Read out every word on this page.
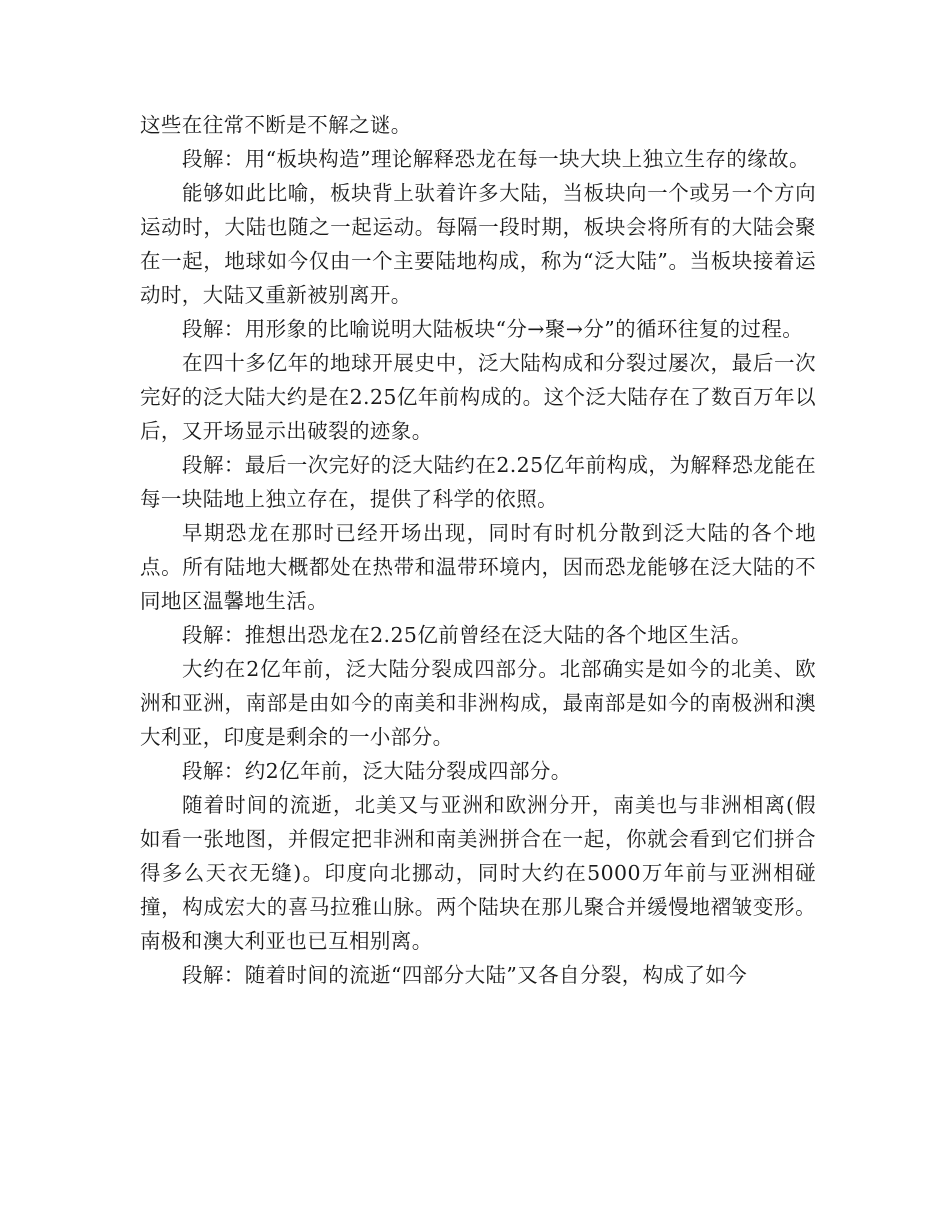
这些在往常不断是不解之谜。

段解：用“板块构造”理论解释恐龙在每一块大块上独立生存的缘故。

能够如此比喻，板块背上驮着许多大陆，当板块向一个或另一个方向运动时，大陆也随之一起运动。每隔一段时期，板块会将所有的大陆会聚在一起，地球如今仅由一个主要陆地构成，称为“泛大陆”。当板块接着运动时，大陆又重新被别离开。

段解：用形象的比喻说明大陆板块“分→聚→分”的循环往复的过程。

在四十多亿年的地球开展史中，泛大陆构成和分裂过屡次，最后一次完好的泛大陆大约是在2.25亿年前构成的。这个泛大陆存在了数百万年以后，又开场显示出破裂的迹象。

段解：最后一次完好的泛大陆约在2.25亿年前构成，为解释恐龙能在每一块陆地上独立存在，提供了科学的依照。

早期恐龙在那时已经开场出现，同时有时机分散到泛大陆的各个地点。所有陆地大概都处在热带和温带环境内，因而恐龙能够在泛大陆的不同地区温馨地生活。

段解：推想出恐龙在2.25亿前曾经在泛大陆的各个地区生活。

大约在2亿年前，泛大陆分裂成四部分。北部确实是如今的北美、欧洲和亚洲，南部是由如今的南美和非洲构成，最南部是如今的南极洲和澳大利亚，印度是剩余的一小部分。

段解：约2亿年前，泛大陆分裂成四部分。

随着时间的流逝，北美又与亚洲和欧洲分开，南美也与非洲相离(假如看一张地图，并假定把非洲和南美洲拼合在一起，你就会看到它们拼合得多么天衣无缝)。印度向北挪动，同时大约在5000万年前与亚洲相碰撞，构成宏大的喜马拉雅山脉。两个陆块在那儿聚合并缓慢地褶皱变形。南极和澳大利亚也已互相别离。

段解：随着时间的流逝“四部分大陆”又各自分裂，构成了如今
